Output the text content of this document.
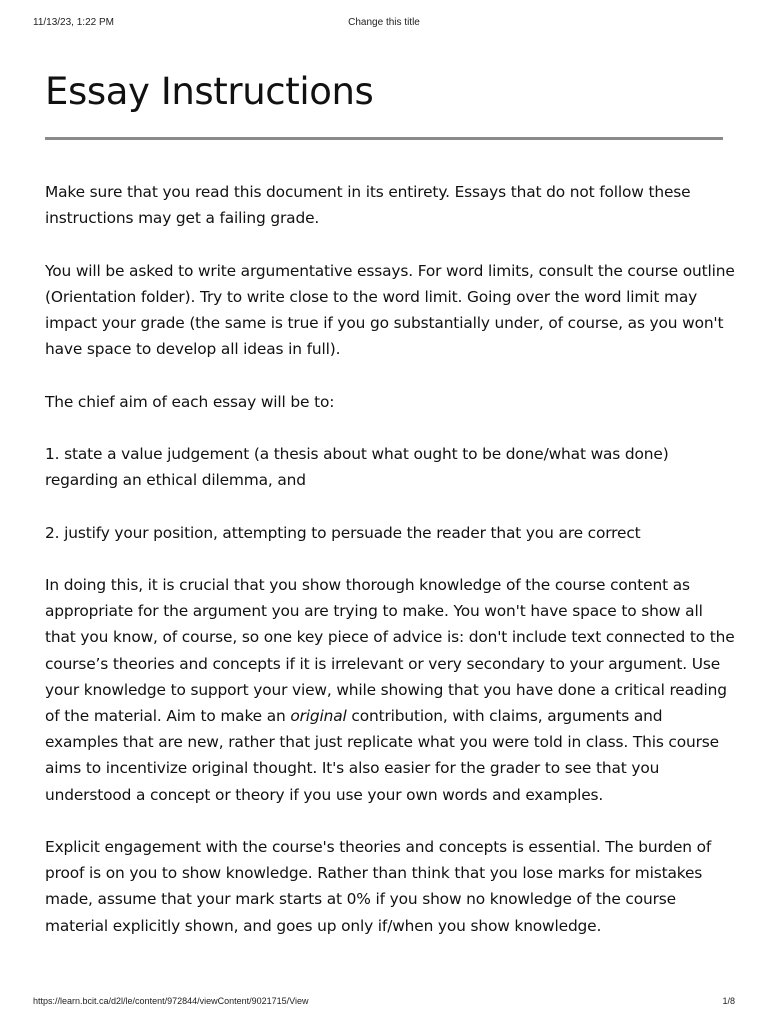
11/13/23, 1:22 PM	Change this title
Essay Instructions

Make sure that you read this document in its entirety. Essays that do not follow these instructions may get a failing grade.

You will be asked to write argumentative essays. For word limits, consult the course outline (Orientation folder). Try to write close to the word limit. Going over the word limit may impact your grade (the same is true if you go substantially under, of course, as you won't have space to develop all ideas in full).

The chief aim of each essay will be to:

1. state a value judgement (a thesis about what ought to be done/what was done) regarding an ethical dilemma, and

2. justify your position, attempting to persuade the reader that you are correct

In doing this, it is crucial that you show thorough knowledge of the course content as appropriate for the argument you are trying to make. You won't have space to show all that you know, of course, so one key piece of advice is: don't include text connected to the course’s theories and concepts if it is irrelevant or very secondary to your argument. Use your knowledge to support your view, while showing that you have done a critical reading of the material. Aim to make an original contribution, with claims, arguments and examples that are new, rather that just replicate what you were told in class. This course aims to incentivize original thought. It's also easier for the grader to see that you understood a concept or theory if you use your own words and examples.

Explicit engagement with the course's theories and concepts is essential. The burden of proof is on you to show knowledge. Rather than think that you lose marks for mistakes made, assume that your mark starts at 0% if you show no knowledge of the course material explicitly shown, and goes up only if/when you show knowledge.

https://learn.bcit.ca/d2l/le/content/972844/viewContent/9021715/View	1/8
